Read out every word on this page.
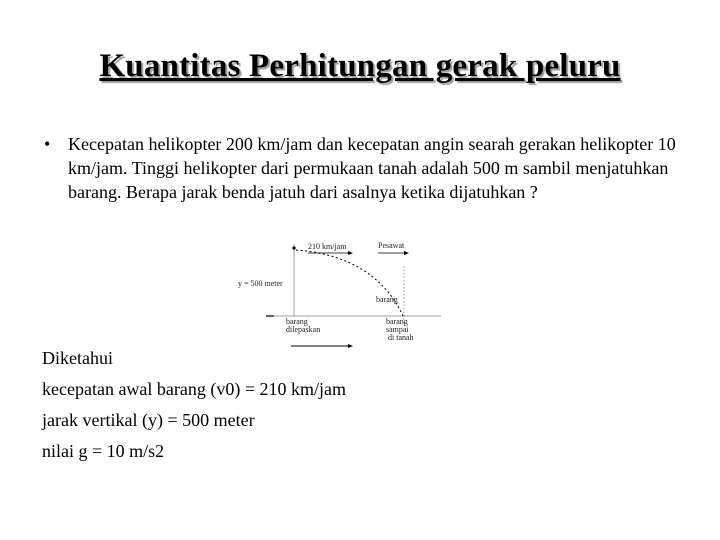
Kuantitas Perhitungan gerak peluru
• Kecepatan helikopter 200 km/jam dan kecepatan angin searah gerakan helikopter 10 km/jam. Tinggi helikopter dari permukaan tanah adalah 500 m sambil menjatuhkan barang. Berapa jarak benda jatuh dari asalnya ketika dijatuhkan ?
210 km/jam	Pesawat
y = 500 meter
barang
barang
dilepaskan
barang
sampai
di tanah
Diketahui
kecepatan awal barang (v0) = 210 km/jam
jarak vertikal (y) = 500 meter
nilai g = 10 m/s2
